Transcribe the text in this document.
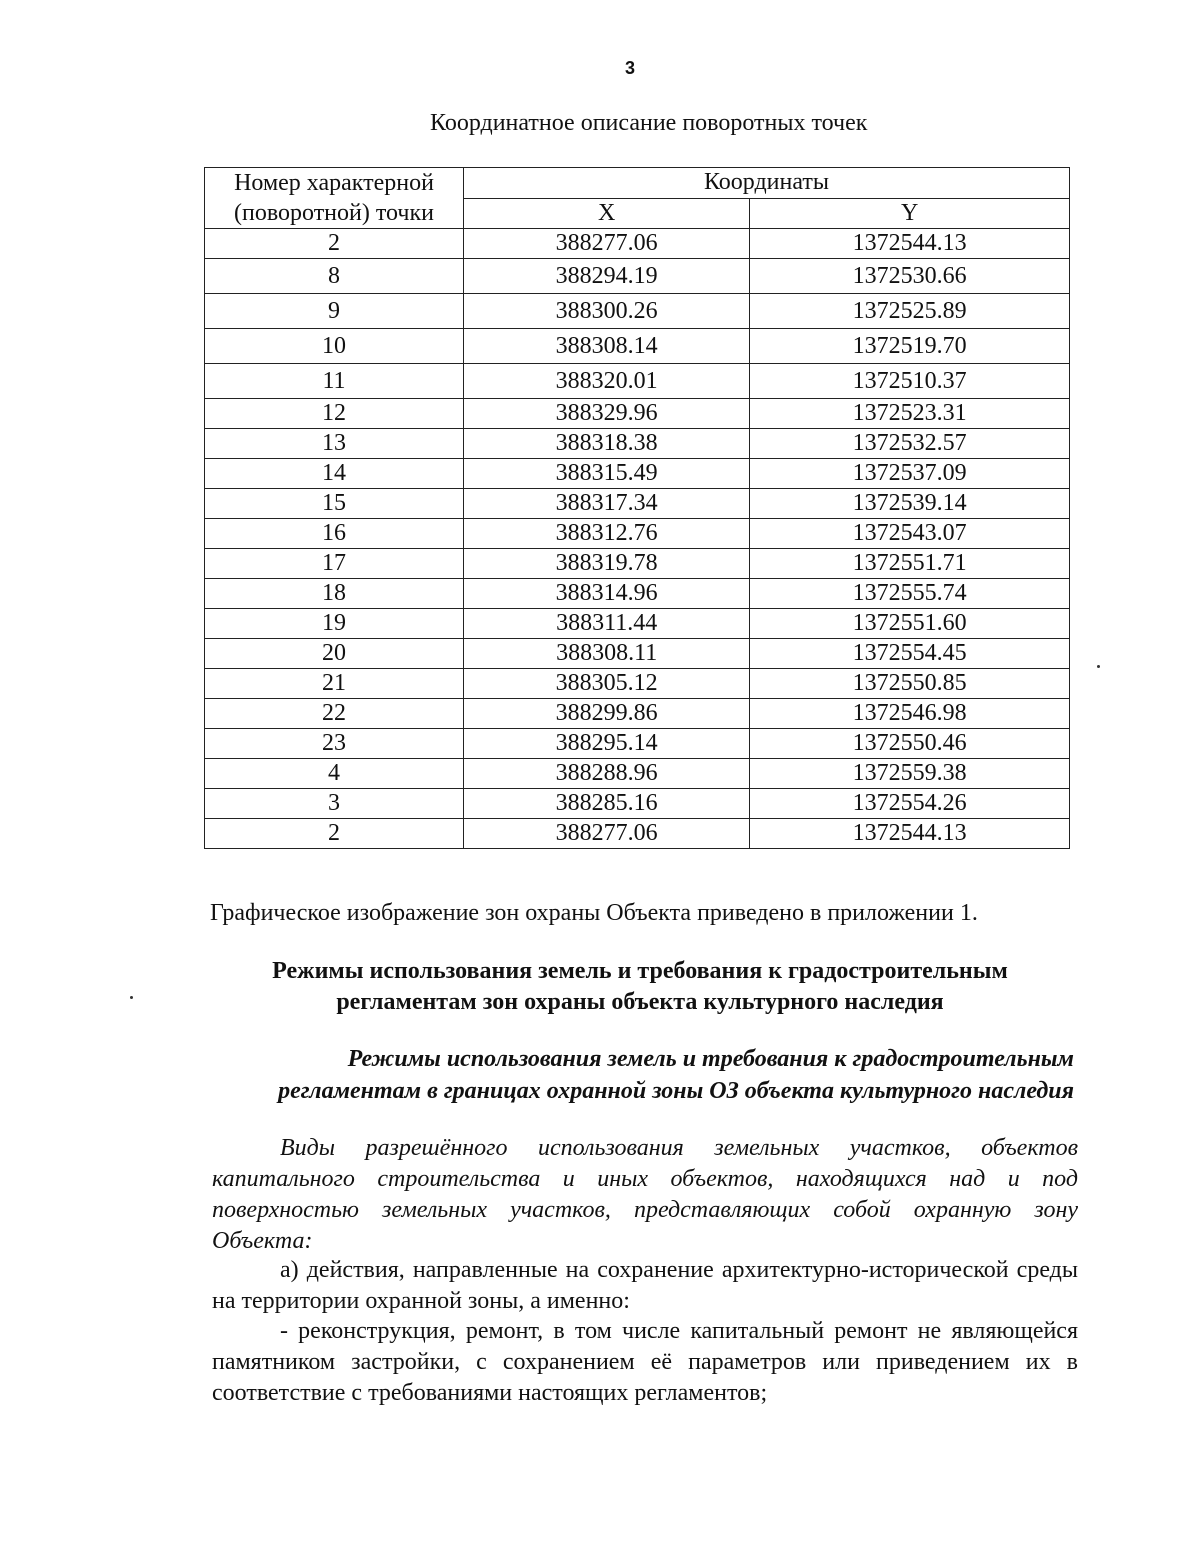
3
Координатное описание поворотных точек
Номер характерной
(поворотной) точки	Координаты	
	X	Y
2	388277.06	1372544.13
8	388294.19	1372530.66
9	388300.26	1372525.89
10	388308.14	1372519.70
11	388320.01	1372510.37
12	388329.96	1372523.31
13	388318.38	1372532.57
14	388315.49	1372537.09
15	388317.34	1372539.14
16	388312.76	1372543.07
17	388319.78	1372551.71
18	388314.96	1372555.74
19	388311.44	1372551.60
20	388308.11	1372554.45
21	388305.12	1372550.85
22	388299.86	1372546.98
23	388295.14	1372550.46
4	388288.96	1372559.38
3	388285.16	1372554.26
2	388277.06	1372544.13
Графическое изображение зон охраны Объекта приведено в приложении 1.
Режимы использования земель и требования к градостроительным
регламентам зон охраны объекта культурного наследия
Режимы использования земель и требования к градостроительным
регламентам в границах охранной зоны ОЗ объекта культурного наследия
Виды разрешённого использования земельных участков, объектов капитального строительства и иных объектов, находящихся над и под поверхностью земельных участков, представляющих собой охранную зону Объекта:
а) действия, направленные на сохранение архитектурно-исторической среды на территории охранной зоны, а именно:
- реконструкция, ремонт, в том числе капитальный ремонт не являющейся памятником застройки, с сохранением её параметров или приведением их в соответствие с требованиями настоящих регламентов;
